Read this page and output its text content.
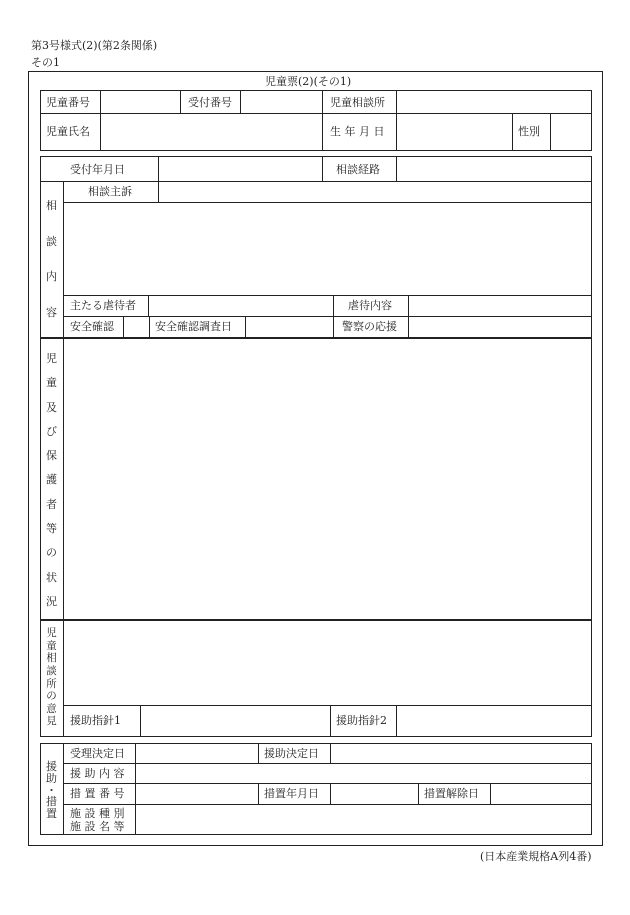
第3号様式(2)(第2条関係)
その1
児童票(2)(その1)
児童番号	受付番号	児童相談所
児童氏名	生 年 月 日	性別
受付年月日	相談経路
相
談
内
容
相談主訴
主たる虐待者	虐待内容
安全確認	安全確認調査日	警察の応援
児
童
及
び
保
護
者
等
の
状
況
児
童
相
談
所
の
意
見 援助指針1	援助指針2
援
助
・
措
置
受理決定日	援助決定日
援 助 内 容
措 置 番 号	措置年月日	措置解除日
施 設 種 別
施 設 名 等
(日本産業規格A列4番)
